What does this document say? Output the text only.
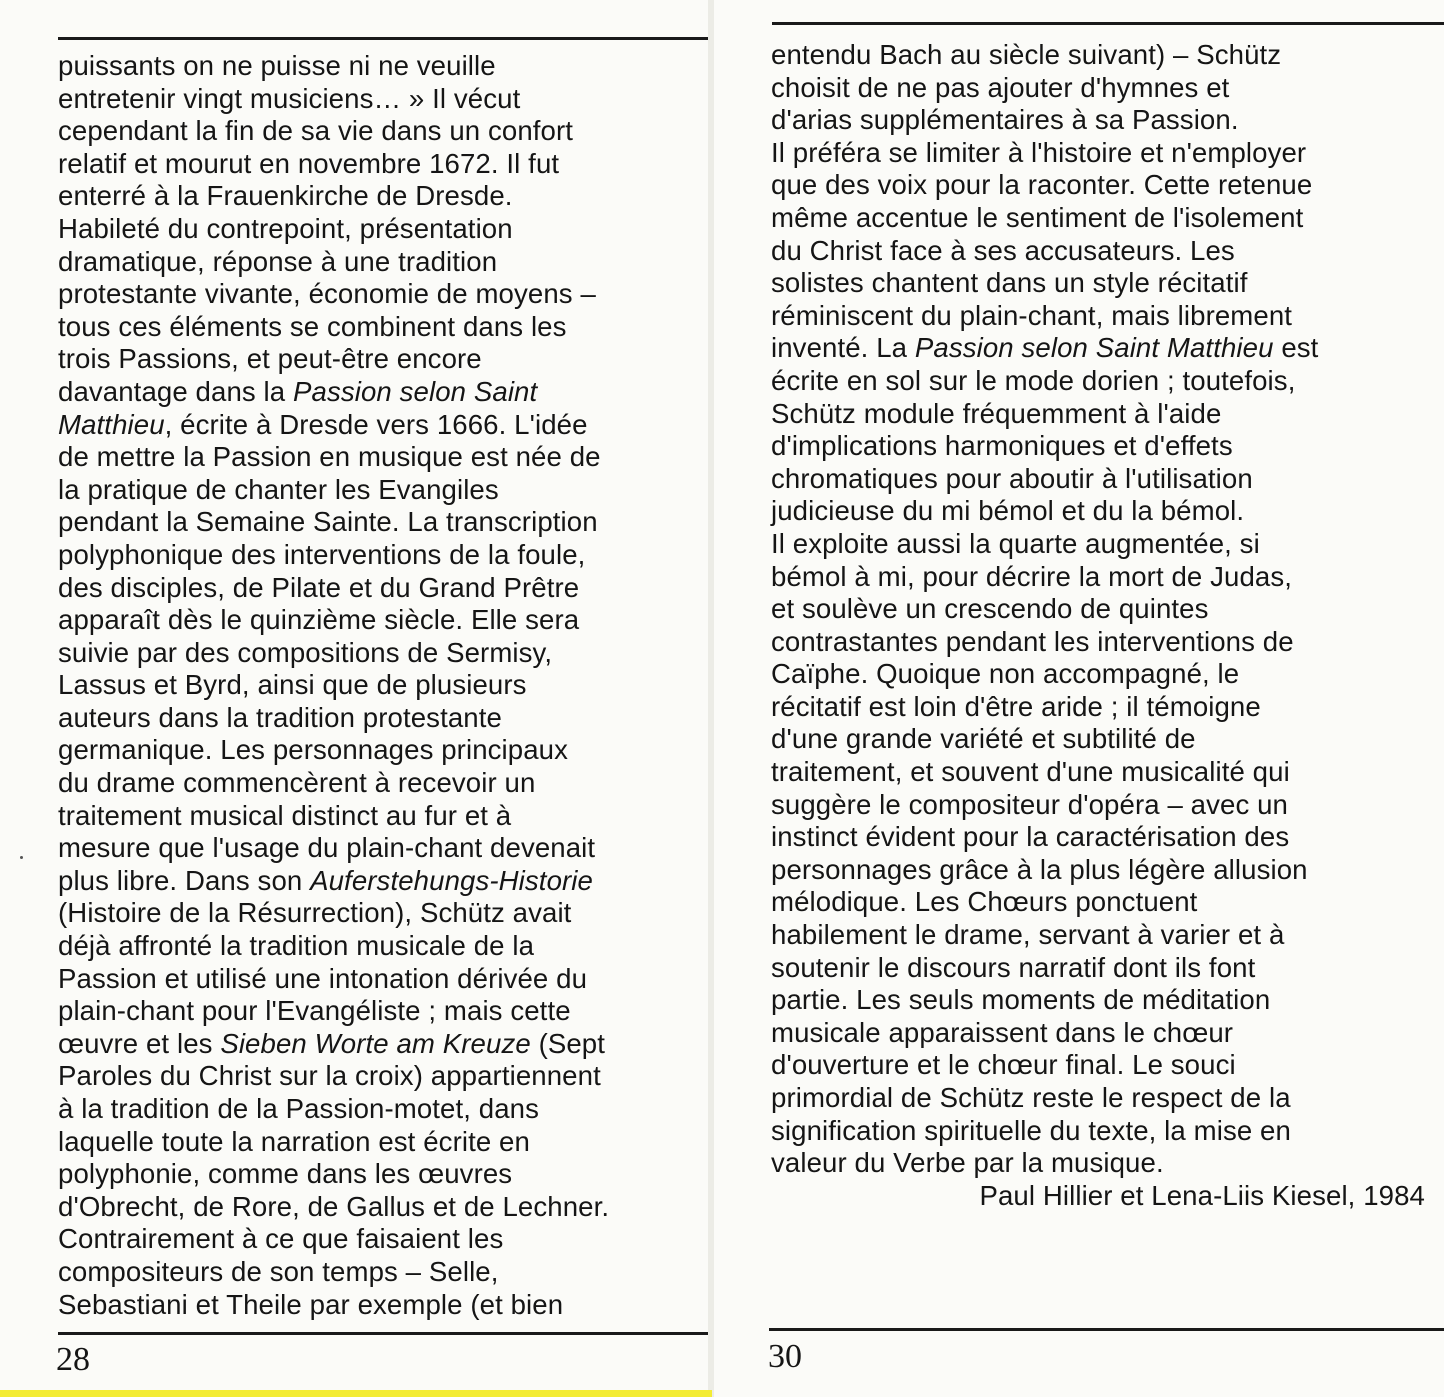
puissants on ne puisse ni ne veuille
entretenir vingt musiciens… » Il vécut
cependant la fin de sa vie dans un confort
relatif et mourut en novembre 1672. Il fut
enterré à la Frauenkirche de Dresde.
Habileté du contrepoint, présentation
dramatique, réponse à une tradition
protestante vivante, économie de moyens –
tous ces éléments se combinent dans les
trois Passions, et peut-être encore
davantage dans la Passion selon Saint
Matthieu, écrite à Dresde vers 1666. L'idée
de mettre la Passion en musique est née de
la pratique de chanter les Evangiles
pendant la Semaine Sainte. La transcription
polyphonique des interventions de la foule,
des disciples, de Pilate et du Grand Prêtre
apparaît dès le quinzième siècle. Elle sera
suivie par des compositions de Sermisy,
Lassus et Byrd, ainsi que de plusieurs
auteurs dans la tradition protestante
germanique. Les personnages principaux
du drame commencèrent à recevoir un
traitement musical distinct au fur et à
mesure que l'usage du plain-chant devenait
plus libre. Dans son Auferstehungs-Historie
(Histoire de la Résurrection), Schütz avait
déjà affronté la tradition musicale de la
Passion et utilisé une intonation dérivée du
plain-chant pour l'Evangéliste ; mais cette
œuvre et les Sieben Worte am Kreuze (Sept
Paroles du Christ sur la croix) appartiennent
à la tradition de la Passion-motet, dans
laquelle toute la narration est écrite en
polyphonie, comme dans les œuvres
d'Obrecht, de Rore, de Gallus et de Lechner.
Contrairement à ce que faisaient les
compositeurs de son temps – Selle,
Sebastiani et Theile par exemple (et bien
28
entendu Bach au siècle suivant) – Schütz
choisit de ne pas ajouter d'hymnes et
d'arias supplémentaires à sa Passion.
Il préféra se limiter à l'histoire et n'employer
que des voix pour la raconter. Cette retenue
même accentue le sentiment de l'isolement
du Christ face à ses accusateurs. Les
solistes chantent dans un style récitatif
réminiscent du plain-chant, mais librement
inventé. La Passion selon Saint Matthieu est
écrite en sol sur le mode dorien ; toutefois,
Schütz module fréquemment à l'aide
d'implications harmoniques et d'effets
chromatiques pour aboutir à l'utilisation
judicieuse du mi bémol et du la bémol.
Il exploite aussi la quarte augmentée, si
bémol à mi, pour décrire la mort de Judas,
et soulève un crescendo de quintes
contrastantes pendant les interventions de
Caïphe. Quoique non accompagné, le
récitatif est loin d'être aride ; il témoigne
d'une grande variété et subtilité de
traitement, et souvent d'une musicalité qui
suggère le compositeur d'opéra – avec un
instinct évident pour la caractérisation des
personnages grâce à la plus légère allusion
mélodique. Les Chœurs ponctuent
habilement le drame, servant à varier et à
soutenir le discours narratif dont ils font
partie. Les seuls moments de méditation
musicale apparaissent dans le chœur
d'ouverture et le chœur final. Le souci
primordial de Schütz reste le respect de la
signification spirituelle du texte, la mise en
valeur du Verbe par la musique.
Paul Hillier et Lena-Liis Kiesel, 1984
30
